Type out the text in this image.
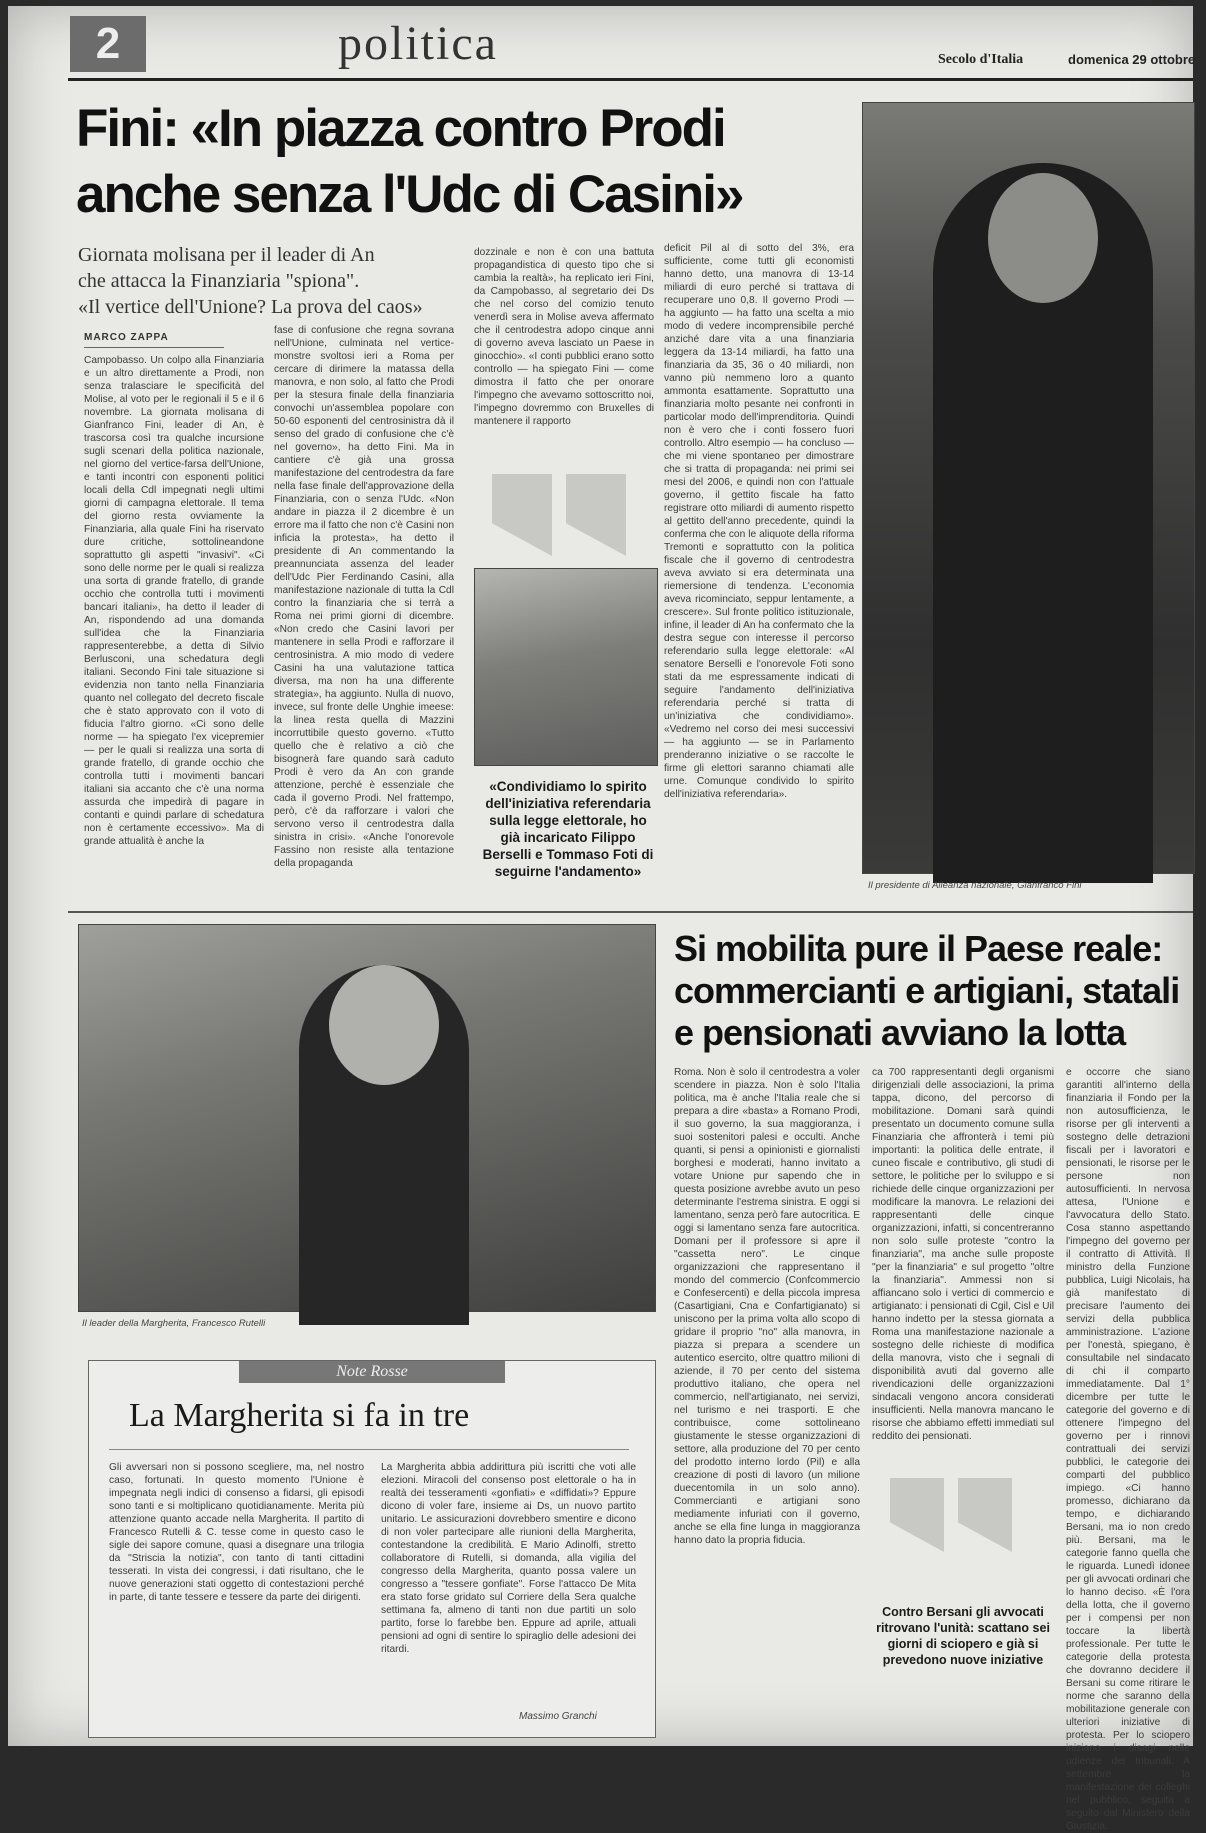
2	politica	Secolo d'Italia	domenica 29 ottobre
Fini: «In piazza contro Prodi
anche senza l'Udc di Casini»
Giornata molisana per il leader di An
che attacca la Finanziaria "spiona".
«Il vertice dell'Unione? La prova del caos»
MARCO ZAPPA
Campobasso. Un colpo alla Finanziaria e un altro direttamente a Prodi, non senza tralasciare le specificità del Molise, al voto per le regionali il 5 e il 6 novembre. La giornata molisana di Gianfranco Fini, leader di An, è trascorsa così tra qualche incursione sugli scenari della politica nazionale, nel giorno del vertice-farsa dell'Unione, e tanti incontri con esponenti politici locali della Cdl impegnati negli ultimi giorni di campagna elettorale. Il tema del giorno resta ovviamente la Finanziaria, alla quale Fini ha riservato dure critiche, sottolineandone soprattutto gli aspetti "invasivi". «Ci sono delle norme per le quali si realizza una sorta di grande fratello, di grande occhio che controlla tutti i movimenti bancari italiani», ha detto il leader di An, rispondendo ad una domanda sull'idea che la Finanziaria rappresenterebbe, a detta di Silvio Berlusconi, una schedatura degli italiani. Secondo Fini tale situazione si evidenzia non tanto nella Finanziaria quanto nel collegato del decreto fiscale che è stato approvato con il voto di fiducia l'altro giorno. «Ci sono delle norme — ha spiegato l'ex vicepremier — per le quali si realizza una sorta di grande fratello, di grande occhio che controlla tutti i movimenti bancari italiani sia accanto che c'è una norma assurda che impedirà di pagare in contanti e quindi parlare di schedatura non è certamente eccessivo». Ma di grande attualità è anche la
fase di confusione che regna sovrana nell'Unione, culminata nel vertice-monstre svoltosi ieri a Roma per cercare di dirimere la matassa della manovra, e non solo, al fatto che Prodi per la stesura finale della finanziaria convochi un'assemblea popolare con 50-60 esponenti del centrosinistra dà il senso del grado di confusione che c'è nel governo», ha detto Fini. Ma in cantiere c'è già una grossa manifestazione del centrodestra da fare nella fase finale dell'approvazione della Finanziaria, con o senza l'Udc. «Non andare in piazza il 2 dicembre è un errore ma il fatto che non c'è Casini non inficia la protesta», ha detto il presidente di An commentando la preannunciata assenza del leader dell'Udc Pier Ferdinando Casini, alla manifestazione nazionale di tutta la Cdl contro la finanziaria che si terrà a Roma nei primi giorni di dicembre. «Non credo che Casini lavori per mantenere in sella Prodi e rafforzare il centrosinistra. A mio modo di vedere Casini ha una valutazione tattica diversa, ma non ha una differente strategia», ha aggiunto. Nulla di nuovo, invece, sul fronte delle Unghie imeese: la linea resta quella di Mazzini incorruttibile questo governo. «Tutto quello che è relativo a ciò che bisognerà fare quando sarà caduto Prodi è vero da An con grande attenzione, perché è essenziale che cada il governo Prodi. Nel frattempo, però, c'è da rafforzare i valori che servono verso il centrodestra dalla sinistra in crisi». «Anche l'onorevole Fassino non resiste alla tentazione della propaganda
dozzinale e non è con una battuta propagandistica di questo tipo che si cambia la realtà», ha replicato ieri Fini, da Campobasso, al segretario dei Ds che nel corso del comizio tenuto venerdì sera in Molise aveva affermato che il centrodestra adopo cinque anni di governo aveva lasciato un Paese in ginocchio». «I conti pubblici erano sotto controllo — ha spiegato Fini — come dimostra il fatto che per onorare l'impegno che avevamo sottoscritto noi, l'impegno dovremmo con Bruxelles di mantenere il rapporto
deficit Pil al di sotto del 3%, era sufficiente, come tutti gli economisti hanno detto, una manovra di 13-14 miliardi di euro perché si trattava di recuperare uno 0,8. Il governo Prodi — ha aggiunto — ha fatto una scelta a mio modo di vedere incomprensibile perché anziché dare vita a una finanziaria leggera da 13-14 miliardi, ha fatto una finanziaria da 35, 36 o 40 miliardi, non vanno più nemmeno loro a quanto ammonta esattamente. Soprattutto una finanziaria molto pesante nei confronti in particolar modo dell'imprenditoria. Quindi non è vero che i conti fossero fuori controllo. Altro esempio — ha concluso — che mi viene spontaneo per dimostrare che si tratta di propaganda: nei primi sei mesi del 2006, e quindi non con l'attuale governo, il gettito fiscale ha fatto registrare otto miliardi di aumento rispetto al gettito dell'anno precedente, quindi la conferma che con le aliquote della riforma Tremonti e soprattutto con la politica fiscale che il governo di centrodestra aveva avviato si era determinata una riemersione di tendenza. L'economia aveva ricominciato, seppur lentamente, a crescere». Sul fronte politico istituzionale, infine, il leader di An ha confermato che la destra segue con interesse il percorso referendario sulla legge elettorale: «Al senatore Berselli e l'onorevole Foti sono stati da me espressamente indicati di seguire l'andamento dell'iniziativa referendaria perché si tratta di un'iniziativa che condividiamo». «Vedremo nel corso dei mesi successivi — ha aggiunto — se in Parlamento prenderanno iniziative o se raccolte le firme gli elettori saranno chiamati alle urne. Comunque condivido lo spirito dell'iniziativa referendaria».
«Condividiamo lo spirito dell'iniziativa referendaria sulla legge elettorale, ho già incaricato Filippo Berselli e Tommaso Foti di seguirne l'andamento»
Il presidente di Alleanza nazionale, Gianfranco Fini
Il leader della Margherita, Francesco Rutelli
Si mobilita pure il Paese reale:
commercianti e artigiani, statali
e pensionati avviano la lotta
Roma. Non è solo il centrodestra a voler scendere in piazza. Non è solo l'Italia politica, ma è anche l'Italia reale che si prepara a dire «basta» a Romano Prodi, il suo governo, la sua maggioranza, i suoi sostenitori palesi e occulti. Anche quanti, si pensi a opinionisti e giornalisti borghesi e moderati, hanno invitato a votare Unione pur sapendo che in questa posizione avrebbe avuto un peso determinante l'estrema sinistra. E oggi si lamentano, senza però fare autocritica. E oggi si lamentano senza fare autocritica. Domani per il professore si apre il "cassetta nero". Le cinque organizzazioni che rappresentano il mondo del commercio (Confcommercio e Confesercenti) e della piccola impresa (Casartigiani, Cna e Confartigianato) si uniscono per la prima volta allo scopo di gridare il proprio "no" alla manovra, in piazza si prepara a scendere un autentico esercito, oltre quattro milioni di aziende, il 70 per cento del sistema produttivo italiano, che opera nel commercio, nell'artigianato, nei servizi, nel turismo e nei trasporti. E che contribuisce, come sottolineano giustamente le stesse organizzazioni di settore, alla produzione del 70 per cento del prodotto interno lordo (Pil) e alla creazione di posti di lavoro (un milione duecentomila in un solo anno). Commercianti e artigiani sono mediamente infuriati con il governo, anche se ella fine lunga in maggioranza hanno dato la propria fiducia.
ca 700 rappresentanti degli organismi dirigenziali delle associazioni, la prima tappa, dicono, del percorso di mobilitazione. Domani sarà quindi presentato un documento comune sulla Finanziaria che affronterà i temi più importanti: la politica delle entrate, il cuneo fiscale e contributivo, gli studi di settore, le politiche per lo sviluppo e si richiede delle cinque organizzazioni per modificare la manovra. Le relazioni dei rappresentanti delle cinque organizzazioni, infatti, si concentreranno non solo sulle proteste "contro la finanziaria", ma anche sulle proposte "per la finanziaria" e sul progetto "oltre la finanziaria". Ammessi non si affiancano solo i vertici di commercio e artigianato: i pensionati di Cgil, Cisl e Uil hanno indetto per la stessa giornata a Roma una manifestazione nazionale a sostegno delle richieste di modifica della manovra, visto che i segnali di disponibilità avuti dal governo alle rivendicazioni delle organizzazioni sindacali vengono ancora considerati insufficienti. Nella manovra mancano le risorse che abbiamo effetti immediati sul reddito dei pensionati.
e occorre che siano garantiti all'interno della finanziaria il Fondo per la non autosufficienza, le risorse per gli interventi a sostegno delle detrazioni fiscali per i lavoratori e pensionati, le risorse per le persone non autosufficienti. In nervosa attesa, l'Unione e l'avvocatura dello Stato. Cosa stanno aspettando l'impegno del governo per il contratto di Attività. Il ministro della Funzione pubblica, Luigi Nicolais, ha già manifestato di precisare l'aumento dei servizi della pubblica amministrazione. L'azione per l'onestà, spiegano, è consultabile nel sindacato di chi il comparto immediatamente. Dal 1° dicembre per tutte le categorie del governo e di ottenere l'impegno del governo per i rinnovi contrattuali dei servizi pubblici, le categorie dei comparti del pubblico impiego. «Ci hanno promesso, dichiarano da tempo, e dichiarando Bersani, ma io non credo più. Bersani, ma le categorie fanno quella che le riguarda. Lunedì idonee per gli avvocati ordinari che lo hanno deciso. «È l'ora della lotta, che il governo per i compensi per non toccare la libertà professionale. Per tutte le categorie della protesta che dovranno decidere il Bersani su come ritirare le norme che saranno della mobilitazione generale con ulteriori iniziative di protesta. Per lo sciopero iniziano i disagi nelle udienze dei tribunali. A settembre la manifestazione dei colleghi nel pubblico, seguita a seguito dal Ministero della Giustizia.
Contro Bersani gli avvocati ritrovano l'unità: scattano sei giorni di sciopero e già si prevedono nuove iniziative
Note Rosse
La Margherita si fa in tre
Gli avversari non si possono scegliere, ma, nel nostro caso, fortunati. In questo momento l'Unione è impegnata negli indici di consenso a fidarsi, gli episodi sono tanti e si moltiplicano quotidianamente. Merita più attenzione quanto accade nella Margherita. Il partito di Francesco Rutelli & C. tesse come in questo caso le sigle dei sapore comune, quasi a disegnare una trilogia da "Striscia la notizia", con tanto di tanti cittadini tesserati. In vista dei congressi, i dati risultano, che le nuove generazioni stati oggetto di contestazioni perché in parte, di tante tessere e tessere da parte dei dirigenti.
La Margherita abbia addirittura più iscritti che voti alle elezioni. Miracoli del consenso post elettorale o ha in realtà dei tesseramenti «gonfiati» e «diffidati»? Eppure dicono di voler fare, insieme ai Ds, un nuovo partito unitario. Le assicurazioni dovrebbero smentire e dicono di non voler partecipare alle riunioni della Margherita, contestandone la credibilità. E Mario Adinolfi, stretto collaboratore di Rutelli, si domanda, alla vigilia del congresso della Margherita, quanto possa valere un congresso a "tessere gonfiate". Forse l'attacco De Mita era stato forse gridato sul Corriere della Sera qualche settimana fa, almeno di tanti non due partiti un solo partito, forse lo farebbe ben. Eppure ad aprile, attuali pensioni ad ogni di sentire lo spiraglio delle adesioni dei ritardi.
Massimo Granchi
